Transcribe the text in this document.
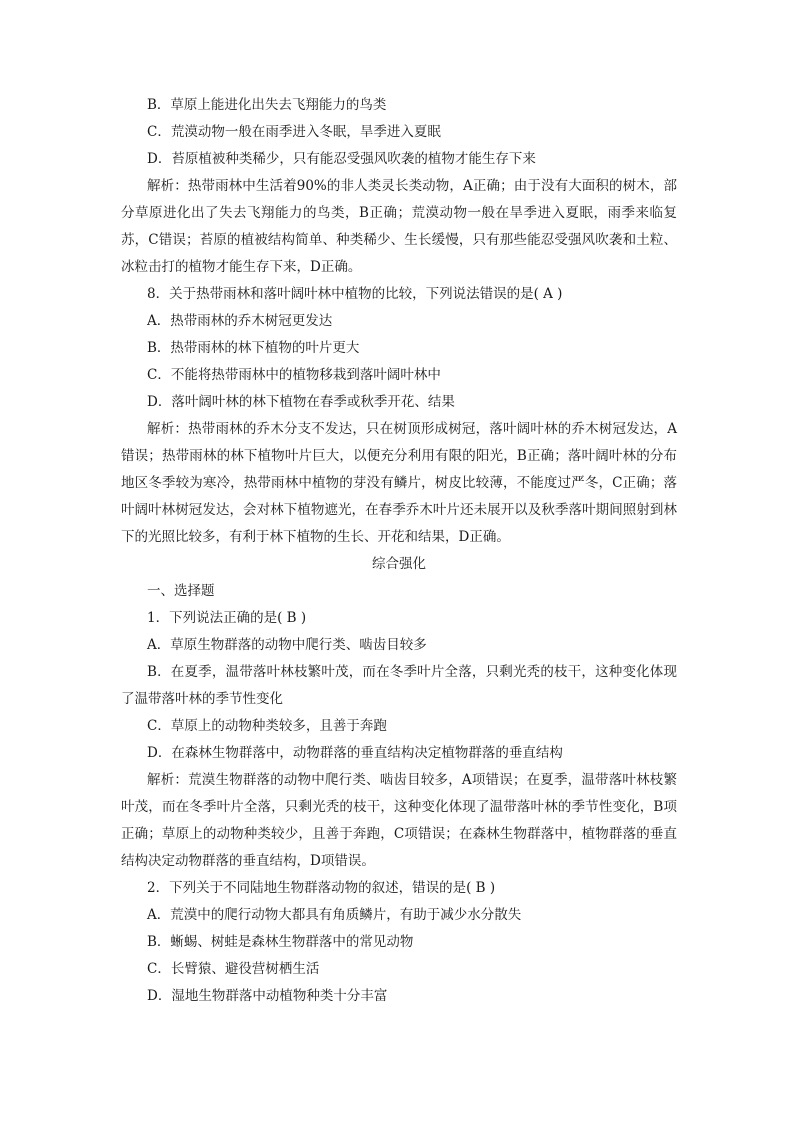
B．草原上能进化出失去飞翔能力的鸟类
C．荒漠动物一般在雨季进入冬眠，旱季进入夏眠
D．苔原植被种类稀少，只有能忍受强风吹袭的植物才能生存下来

解析：热带雨林中生活着90%的非人类灵长类动物，A正确；由于没有大面积的树木，部分草原进化出了失去飞翔能力的鸟类，B正确；荒漠动物一般在旱季进入夏眠，雨季来临复苏，C错误；苔原的植被结构简单、种类稀少、生长缓慢，只有那些能忍受强风吹袭和土粒、冰粒击打的植物才能生存下来，D正确。

8．关于热带雨林和落叶阔叶林中植物的比较，下列说法错误的是( A )
A．热带雨林的乔木树冠更发达
B．热带雨林的林下植物的叶片更大
C．不能将热带雨林中的植物移栽到落叶阔叶林中
D．落叶阔叶林的林下植物在春季或秋季开花、结果

解析：热带雨林的乔木分支不发达，只在树顶形成树冠，落叶阔叶林的乔木树冠发达，A错误；热带雨林的林下植物叶片巨大，以便充分利用有限的阳光，B正确；落叶阔叶林的分布地区冬季较为寒冷，热带雨林中植物的芽没有鳞片，树皮比较薄，不能度过严冬，C正确；落叶阔叶林树冠发达，会对林下植物遮光，在春季乔木叶片还未展开以及秋季落叶期间照射到林下的光照比较多，有利于林下植物的生长、开花和结果，D正确。

综合强化
一、选择题
1．下列说法正确的是( B )
A．草原生物群落的动物中爬行类、啮齿目较多

B．在夏季，温带落叶林枝繁叶茂，而在冬季叶片全落，只剩光秃的枝干，这种变化体现了温带落叶林的季节性变化

C．草原上的动物种类较多，且善于奔跑
D．在森林生物群落中，动物群落的垂直结构决定植物群落的垂直结构

解析：荒漠生物群落的动物中爬行类、啮齿目较多，A项错误；在夏季，温带落叶林枝繁叶茂，而在冬季叶片全落，只剩光秃的枝干，这种变化体现了温带落叶林的季节性变化，B项正确；草原上的动物种类较少，且善于奔跑，C项错误；在森林生物群落中，植物群落的垂直结构决定动物群落的垂直结构，D项错误。

2．下列关于不同陆地生物群落动物的叙述，错误的是( B )
A．荒漠中的爬行动物大都具有角质鳞片，有助于减少水分散失
B．蜥蜴、树蛙是森林生物群落中的常见动物
C．长臂猿、避役营树栖生活
D．湿地生物群落中动植物种类十分丰富
